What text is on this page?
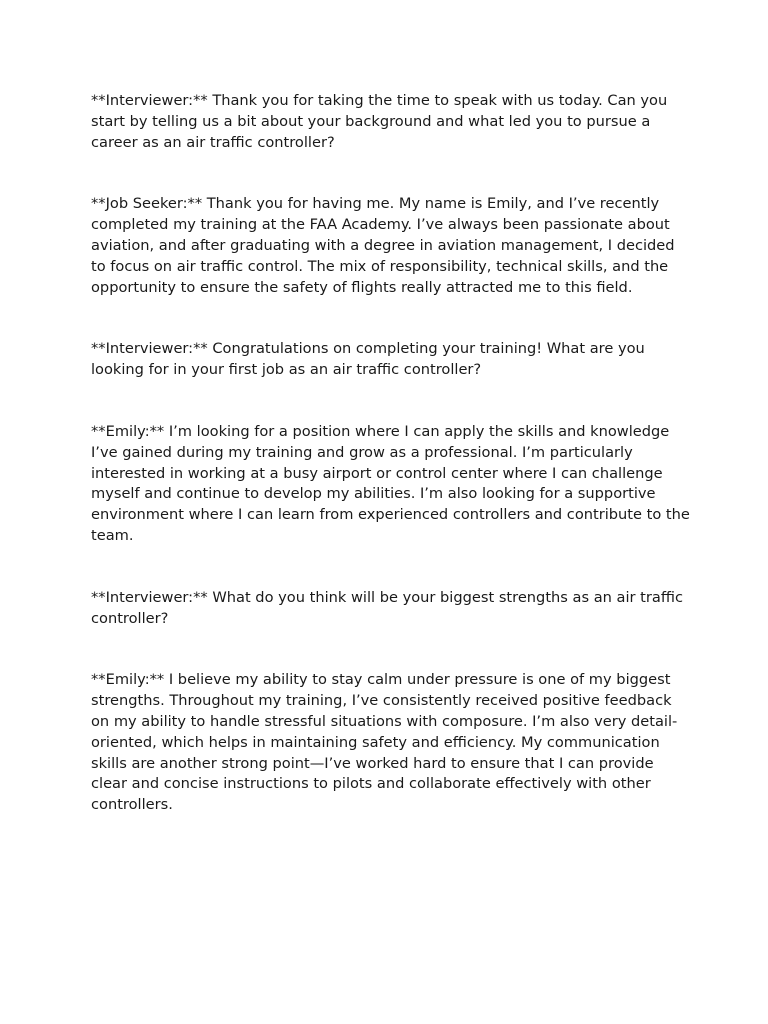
**Interviewer:** Thank you for taking the time to speak with us today. Can you start by telling us a bit about your background and what led you to pursue a career as an air traffic controller?

**Job Seeker:** Thank you for having me. My name is Emily, and I’ve recently completed my training at the FAA Academy. I’ve always been passionate about aviation, and after graduating with a degree in aviation management, I decided to focus on air traffic control. The mix of responsibility, technical skills, and the opportunity to ensure the safety of flights really attracted me to this field.

**Interviewer:** Congratulations on completing your training! What are you looking for in your first job as an air traffic controller?

**Emily:** I’m looking for a position where I can apply the skills and knowledge I’ve gained during my training and grow as a professional. I’m particularly interested in working at a busy airport or control center where I can challenge myself and continue to develop my abilities. I’m also looking for a supportive environment where I can learn from experienced controllers and contribute to the team.

**Interviewer:** What do you think will be your biggest strengths as an air traffic controller?

**Emily:** I believe my ability to stay calm under pressure is one of my biggest strengths. Throughout my training, I’ve consistently received positive feedback on my ability to handle stressful situations with composure. I’m also very detail-oriented, which helps in maintaining safety and efficiency. My communication skills are another strong point—I’ve worked hard to ensure that I can provide clear and concise instructions to pilots and collaborate effectively with other controllers.
